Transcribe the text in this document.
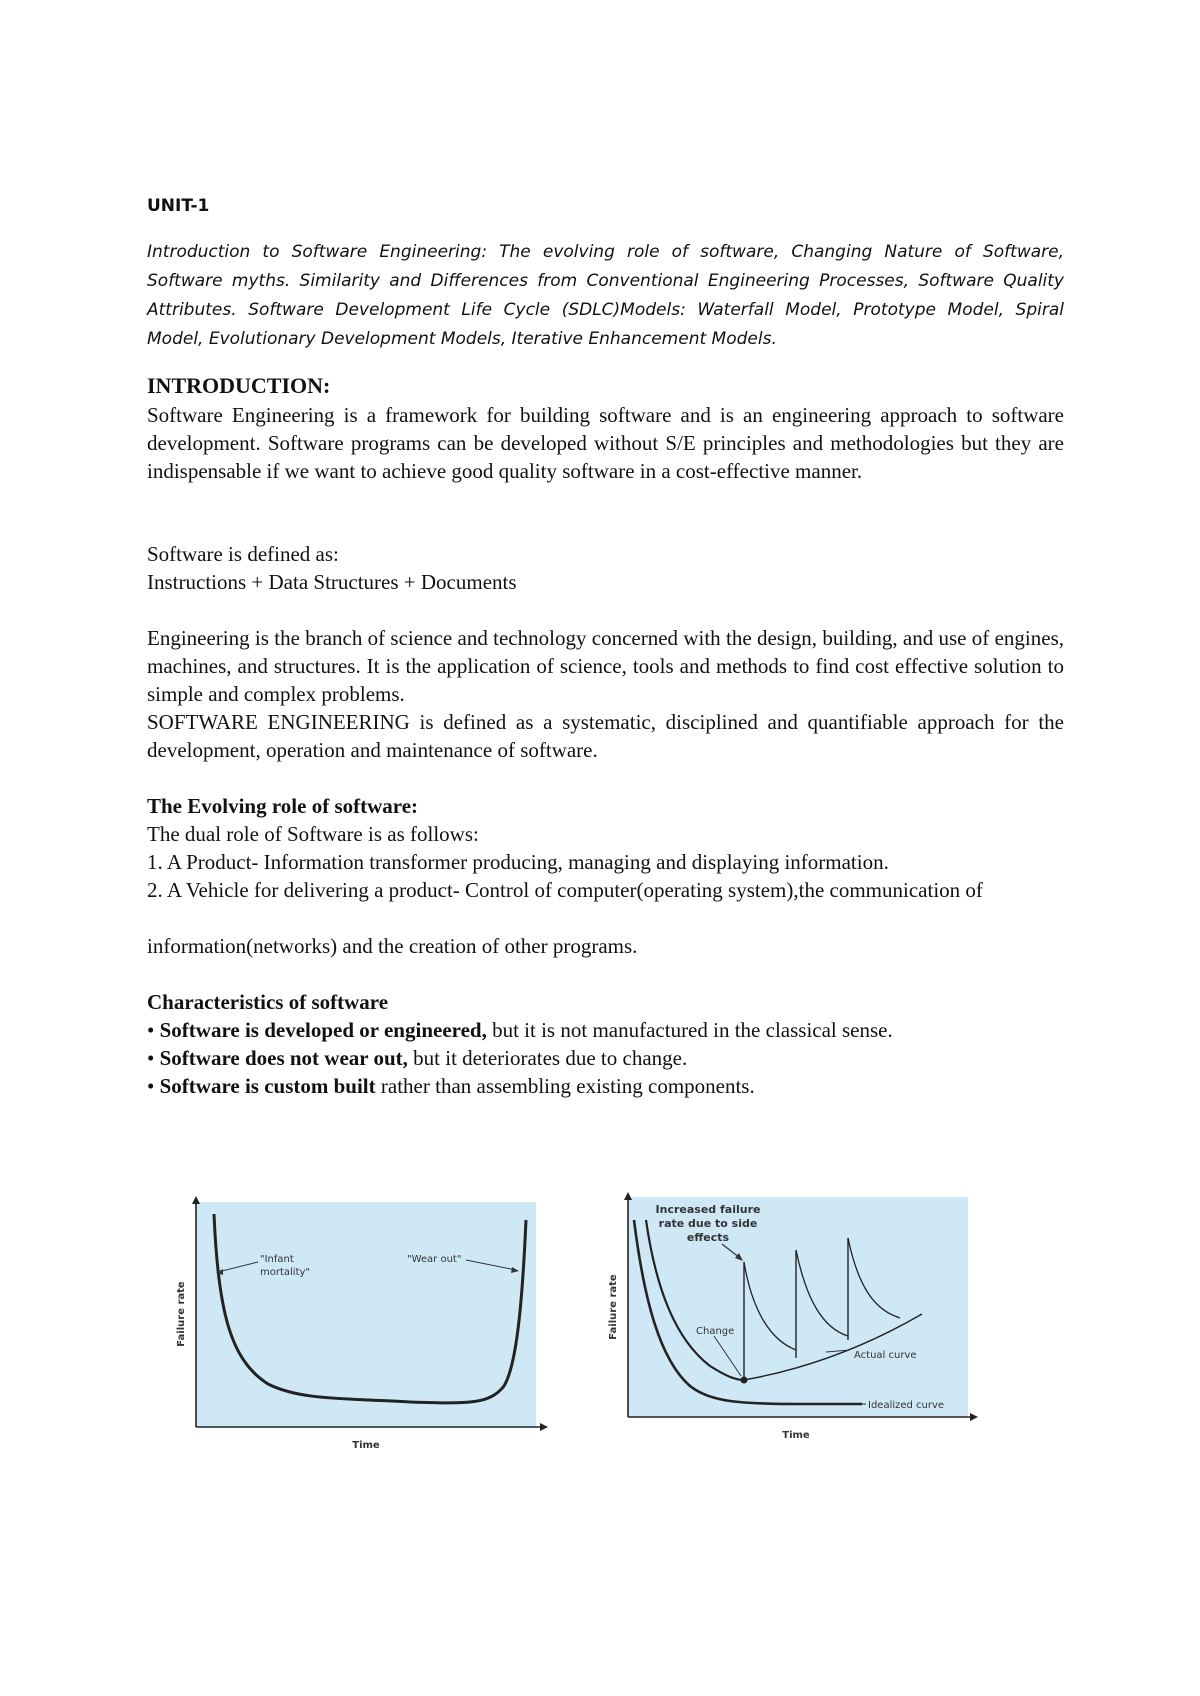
UNIT-1

Introduction to Software Engineering: The evolving role of software, Changing Nature of Software, Software myths. Similarity and Differences from Conventional Engineering Processes, Software Quality Attributes. Software Development Life Cycle (SDLC)Models: Waterfall Model, Prototype Model, Spiral Model, Evolutionary Development Models, Iterative Enhancement Models.

INTRODUCTION:

Software Engineering is a framework for building software and is an engineering approach to software development. Software programs can be developed without S/E principles and methodologies but they are indispensable if we want to achieve good quality software in a cost-effective manner.

Software is defined as:

Instructions + Data Structures + Documents

Engineering is the branch of science and technology concerned with the design, building, and use of engines, machines, and structures. It is the application of science, tools and methods to find cost effective solution to simple and complex problems.

SOFTWARE ENGINEERING is defined as a systematic, disciplined and quantifiable approach for the development, operation and maintenance of software.

The Evolving role of software:

The dual role of Software is as follows:

1. A Product- Information transformer producing, managing and displaying information.

2. A Vehicle for delivering a product- Control of computer(operating system),the communication of

information(networks) and the creation of other programs.

Characteristics of software

• Software is developed or engineered, but it is not manufactured in the classical sense.

• Software does not wear out, but it deteriorates due to change.

• Software is custom built rather than assembling existing components.

"Infant
mortality"
"Wear out"
Failure rate
Time
Idealized curve
Change
Actual curve
Increased failure
rate due to side
effects
Failure rate
Time
